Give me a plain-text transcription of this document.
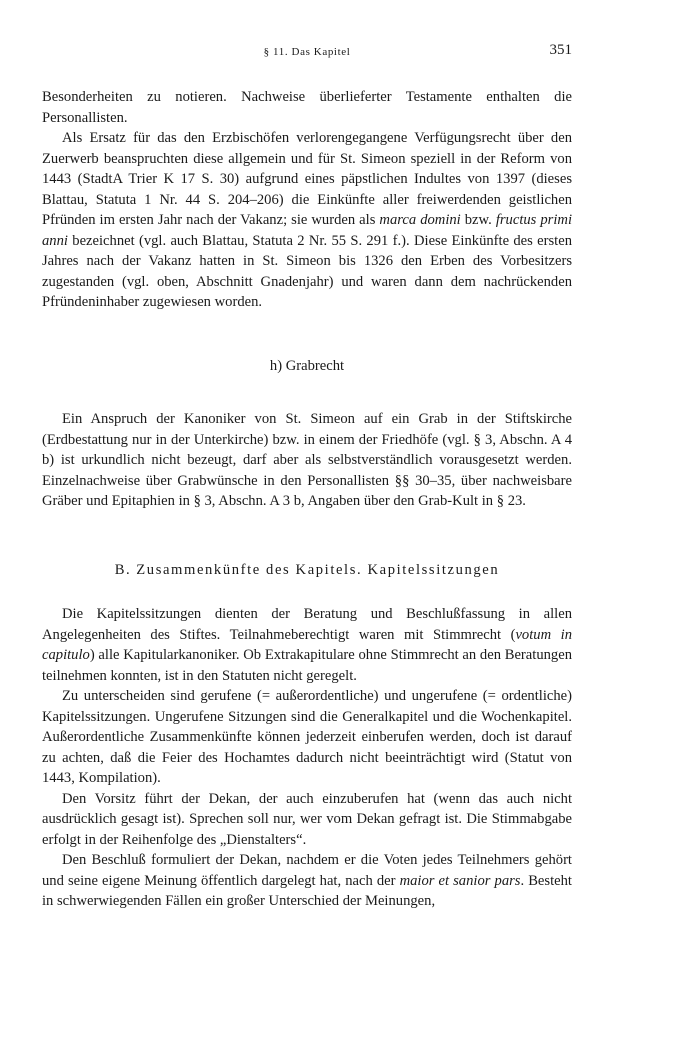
§ 11. Das Kapitel	351

Besonderheiten zu notieren. Nachweise überlieferter Testamente enthalten die Personallisten.

Als Ersatz für das den Erzbischöfen verlorengegangene Verfügungsrecht über den Zuerwerb beanspruchten diese allgemein und für St. Simeon speziell in der Reform von 1443 (StadtA Trier K 17 S. 30) aufgrund eines päpstlichen Indultes von 1397 (dieses Blattau, Statuta 1 Nr. 44 S. 204–206) die Einkünfte aller freiwerdenden geistlichen Pfründen im ersten Jahr nach der Vakanz; sie wurden als marca domini bzw. fructus primi anni bezeichnet (vgl. auch Blattau, Statuta 2 Nr. 55 S. 291 f.). Diese Einkünfte des ersten Jahres nach der Vakanz hatten in St. Simeon bis 1326 den Erben des Vorbesitzers zugestanden (vgl. oben, Abschnitt Gnadenjahr) und waren dann dem nachrückenden Pfründeninhaber zugewiesen worden.

h) Grabrecht

Ein Anspruch der Kanoniker von St. Simeon auf ein Grab in der Stiftskirche (Erdbestattung nur in der Unterkirche) bzw. in einem der Friedhöfe (vgl. § 3, Abschn. A 4 b) ist urkundlich nicht bezeugt, darf aber als selbstverständlich vorausgesetzt werden. Einzelnachweise über Grabwünsche in den Personallisten §§ 30–35, über nachweisbare Gräber und Epitaphien in § 3, Abschn. A 3 b, Angaben über den Grab-Kult in § 23.

B. Zusammenkünfte des Kapitels. Kapitelssitzungen

Die Kapitelssitzungen dienten der Beratung und Beschlußfassung in allen Angelegenheiten des Stiftes. Teilnahmeberechtigt waren mit Stimmrecht (votum in capitulo) alle Kapitularkanoniker. Ob Extrakapitulare ohne Stimmrecht an den Beratungen teilnehmen konnten, ist in den Statuten nicht geregelt.

Zu unterscheiden sind gerufene (= außerordentliche) und ungerufene (= ordentliche) Kapitelssitzungen. Ungerufene Sitzungen sind die Generalkapitel und die Wochenkapitel. Außerordentliche Zusammenkünfte können jederzeit einberufen werden, doch ist darauf zu achten, daß die Feier des Hochamtes dadurch nicht beeinträchtigt wird (Statut von 1443, Kompilation).

Den Vorsitz führt der Dekan, der auch einzuberufen hat (wenn das auch nicht ausdrücklich gesagt ist). Sprechen soll nur, wer vom Dekan gefragt ist. Die Stimmabgabe erfolgt in der Reihenfolge des „Dienstalters“.

Den Beschluß formuliert der Dekan, nachdem er die Voten jedes Teilnehmers gehört und seine eigene Meinung öffentlich dargelegt hat, nach der maior et sanior pars. Besteht in schwerwiegenden Fällen ein großer Unterschied der Meinungen,
